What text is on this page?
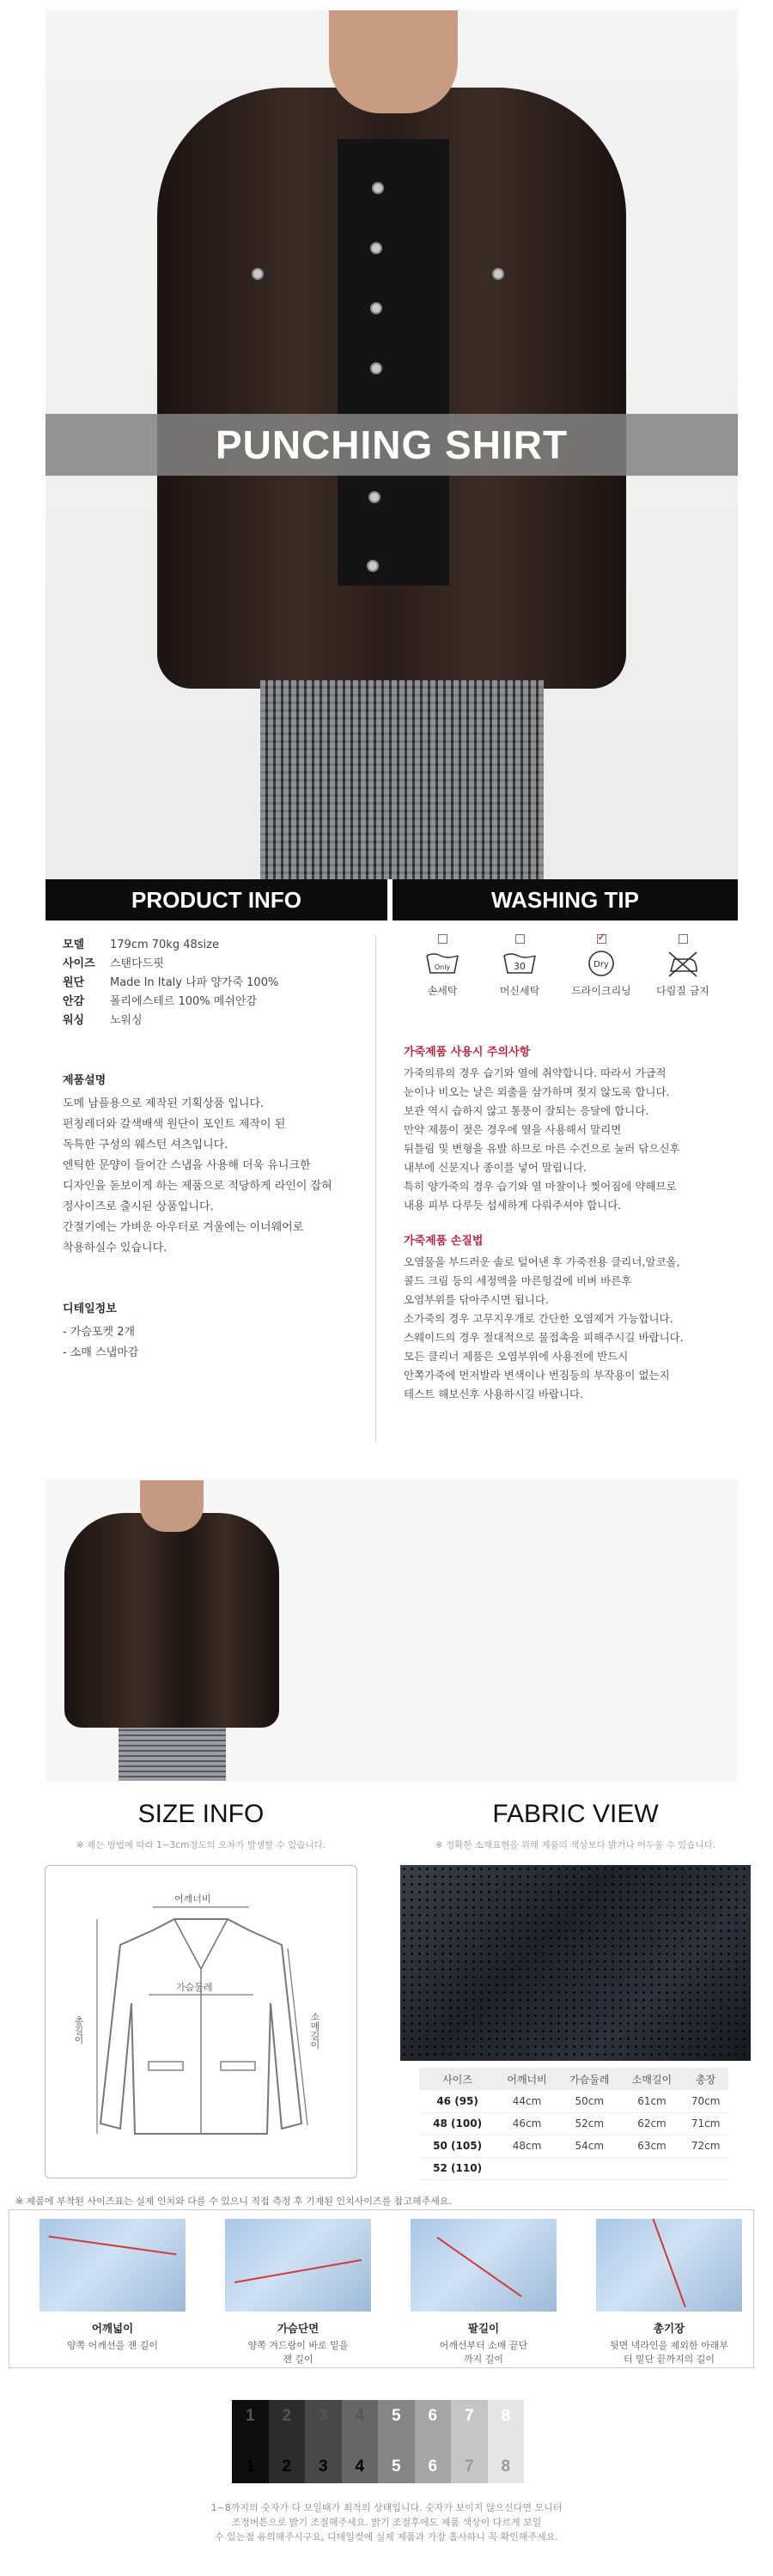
PUNCHING SHIRT
PRODUCT INFO	WASHING TIP
모델	179cm 70kg 48size
사이즈	스탠다드핏
원단	Made In Italy 나파 양가죽 100%
안감	폴리에스테르 100% 메쉬안감
워싱	노워싱
제품설명
도메 남플용으로 제작된 기획상품 입니다.
펀칭레더와 갈색배색 원단이 포인트 제작이 된
독특한 구성의 웨스턴 셔츠입니다.
엔틱한 문양이 들어간 스냅을 사용해 더욱 유니크한
디자인을 돋보이게 하는 제품으로 적당하게 라인이 잡혀
정사이즈로 출시된 상품입니다.
간절기에는 가벼운 아우터로 겨울에는 이너웨어로
착용하실수 있습니다.
디테일정보
- 가슴포켓 2개
- 소매 스냅마감
Only
손세탁
30
머신세탁
✓
Dry
드라이크리닝	다림질 금지
가죽제품 사용시 주의사항
가죽의류의 경우 습기와 열에 취약합니다. 따라서 가급적
눈이나 비오는 날은 외출을 삼가하며 젖지 않도록 합니다.
보관 역시 습하지 않고 통풍이 잘되는 응달에 합니다.
만약 제품이 젖은 경우에 열을 사용해서 말리면
뒤틀림 및 변형을 유발 하므로 마른 수건으로 눌러 닦으신후
내부에 신문지나 종이를 넣어 말립니다.
특히 양가죽의 경우 습기와 열 마찰이나 찢어짐에 약해므로
내용 피부 다루듯 섬세하게 다뤄주셔야 합니다.
가죽제품 손질법
오염물을 부드러운 솔로 털어낸 후 가죽전용 클리너,알코올,
콜드 크림 등의 세정액을 마른헝겊에 비벼 바른후
오염부위를 닦아주시면 됩니다.
소가죽의 경우 고무지우개로 간단한 오염제거 가능합니다.
스웨이드의 경우 절대적으로 물접촉을 피해주시길 바랍니다.
모든 클리너 제품은 오염부위에 사용전에 반드시
안쪽가죽에 먼저발라 변색이나 번짐등의 부작용이 없는지
테스트 해보신후 사용하시길 바랍니다.
SIZE INFO
※ 재는 방법에 따라 1~3cm정도의 오차가 발생할 수 있습니다.
FABRIC VIEW
※ 정확한 소재표현을 위해 제품의 색상보다 밝거나 어두울 수 있습니다.
어깨너비
가슴둘레
총길이	소매길이
사이즈	어깨너비	가슴둘레	소매길이	총장
46 (95)	44cm	50cm	61cm	70cm
48 (100)	46cm	52cm	62cm	71cm
50 (105)	48cm	54cm	63cm	72cm
52 (110)				
※ 제품에 부착된 사이즈표는 실제 인치와 다를 수 있으니 직접 측정 후 기재된 인치사이즈를 참고해주세요.
어깨넓이
양쪽 어깨선을 잰 길이
가슴단면
양쪽 겨드랑이 바로 밑을 잰 길이
팔길이
어깨선부터 소매 끝단 까지 길이
총기장
뒷면 넥라인을 제외한 아래부터 밑단 끝까지의 길이
1
1
2
2
3
3
4
4
5
5
6
6
7
7
8
8
1~8까지의 숫자가 다 보일때가 최적의 상태입니다. 숫자가 보이지 않으신다면 모니터
조정버튼으로 밝기 조절해주세요. 밝기 조절후에도 제품 색상이 다르게 보일
수 있는점 유의해주시구요, 디테일컷에 실제 제품과 가장 흡사하니 꼭 확인해주세요.
